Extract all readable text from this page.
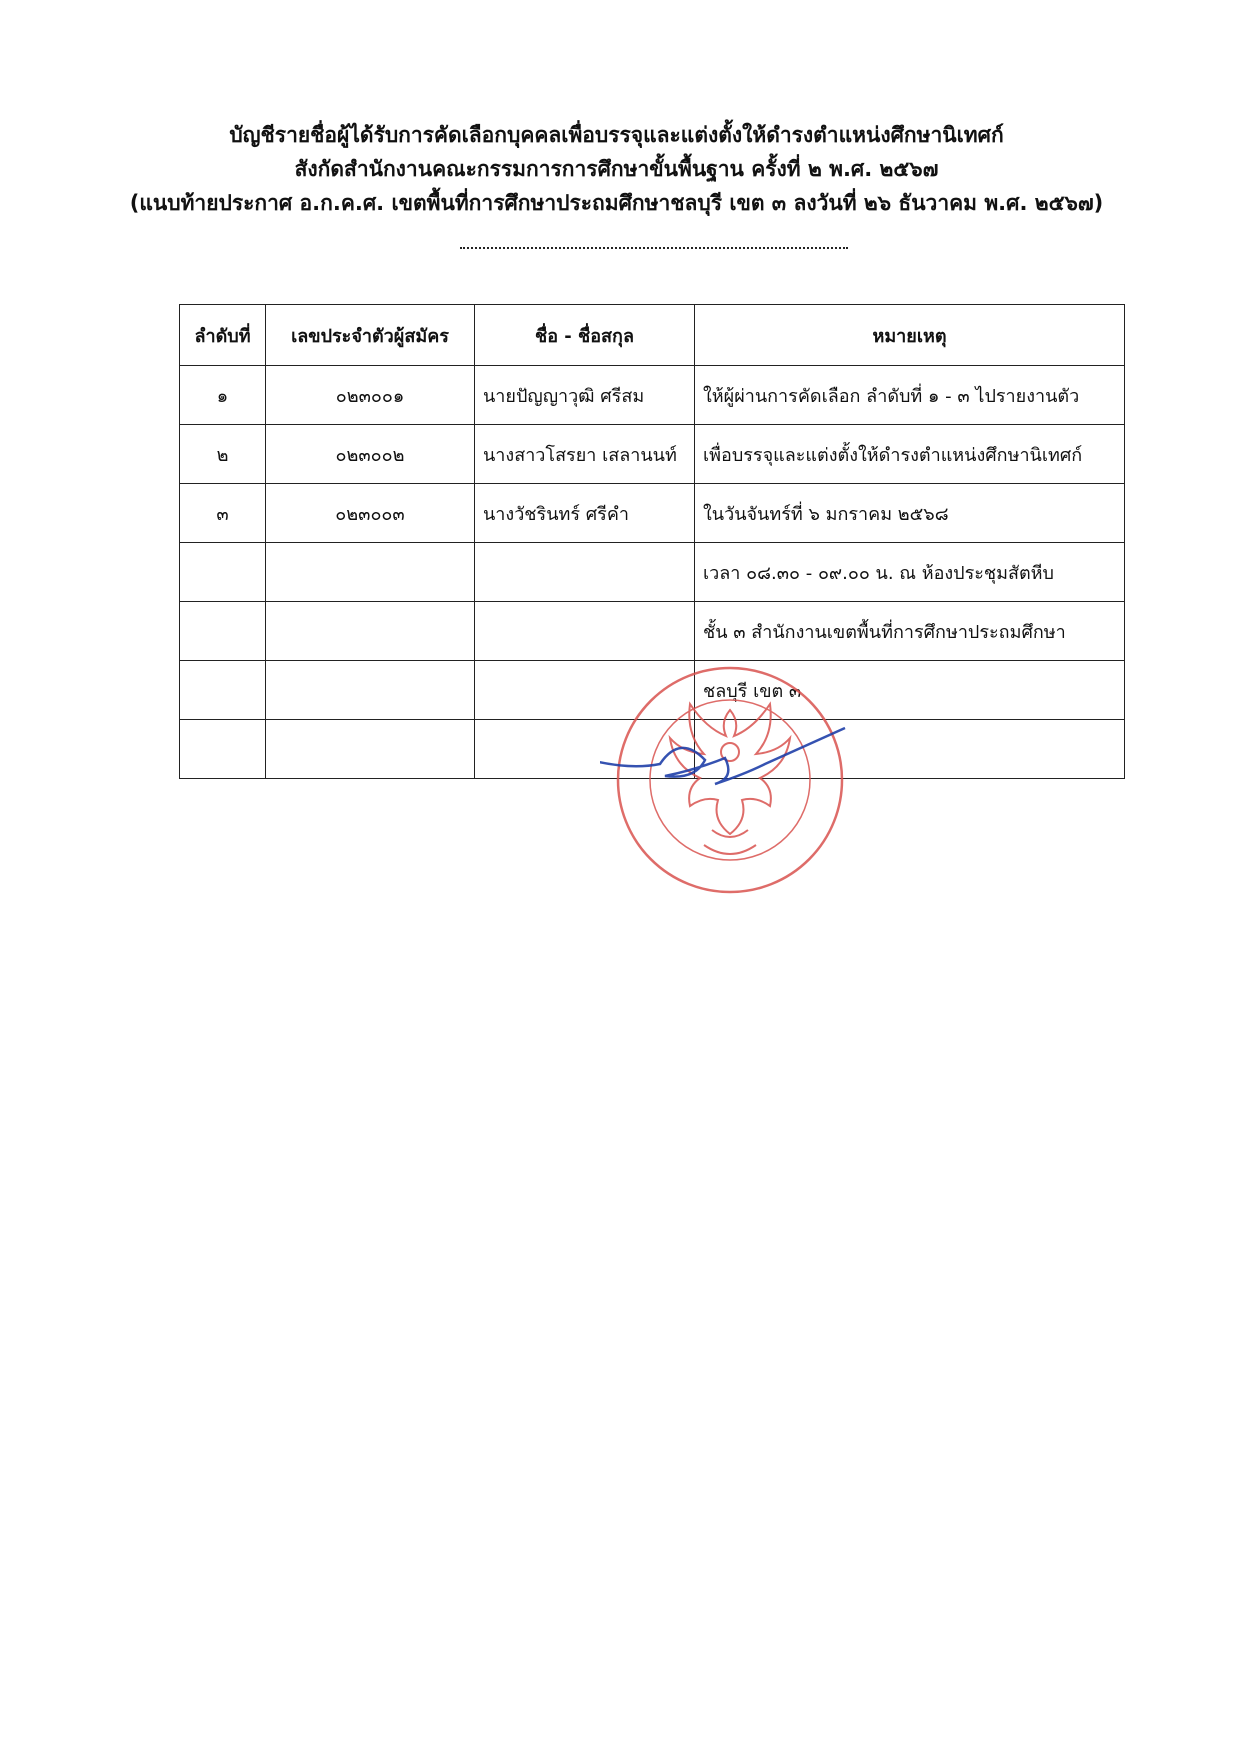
บัญชีรายชื่อผู้ได้รับการคัดเลือกบุคคลเพื่อบรรจุและแต่งตั้งให้ดำรงตำแหน่งศึกษานิเทศก์
สังกัดสำนักงานคณะกรรมการการศึกษาขั้นพื้นฐาน ครั้งที่ ๒ พ.ศ. ๒๕๖๗
(แนบท้ายประกาศ อ.ก.ค.ศ. เขตพื้นที่การศึกษาประถมศึกษาชลบุรี เขต ๓ ลงวันที่ ๒๖ ธันวาคม พ.ศ. ๒๕๖๗)
ลำดับที่	เลขประจำตัวผู้สมัคร	ชื่อ - ชื่อสกุล	หมายเหตุ
๑	๐๒๓๐๐๑	นายปัญญาวุฒิ ศรีสม	ให้ผู้ผ่านการคัดเลือก ลำดับที่ ๑ - ๓ ไปรายงานตัว
๒	๐๒๓๐๐๒	นางสาวโสรยา เสลานนท์	เพื่อบรรจุและแต่งตั้งให้ดำรงตำแหน่งศึกษานิเทศก์
๓	๐๒๓๐๐๓	นางวัชรินทร์ ศรีคำ	ในวันจันทร์ที่ ๖ มกราคม ๒๕๖๘
			เวลา ๐๘.๓๐ - ๐๙.๐๐ น. ณ ห้องประชุมสัตหีบ
			ชั้น ๓ สำนักงานเขตพื้นที่การศึกษาประถมศึกษา
			ชลบุรี เขต ๓
